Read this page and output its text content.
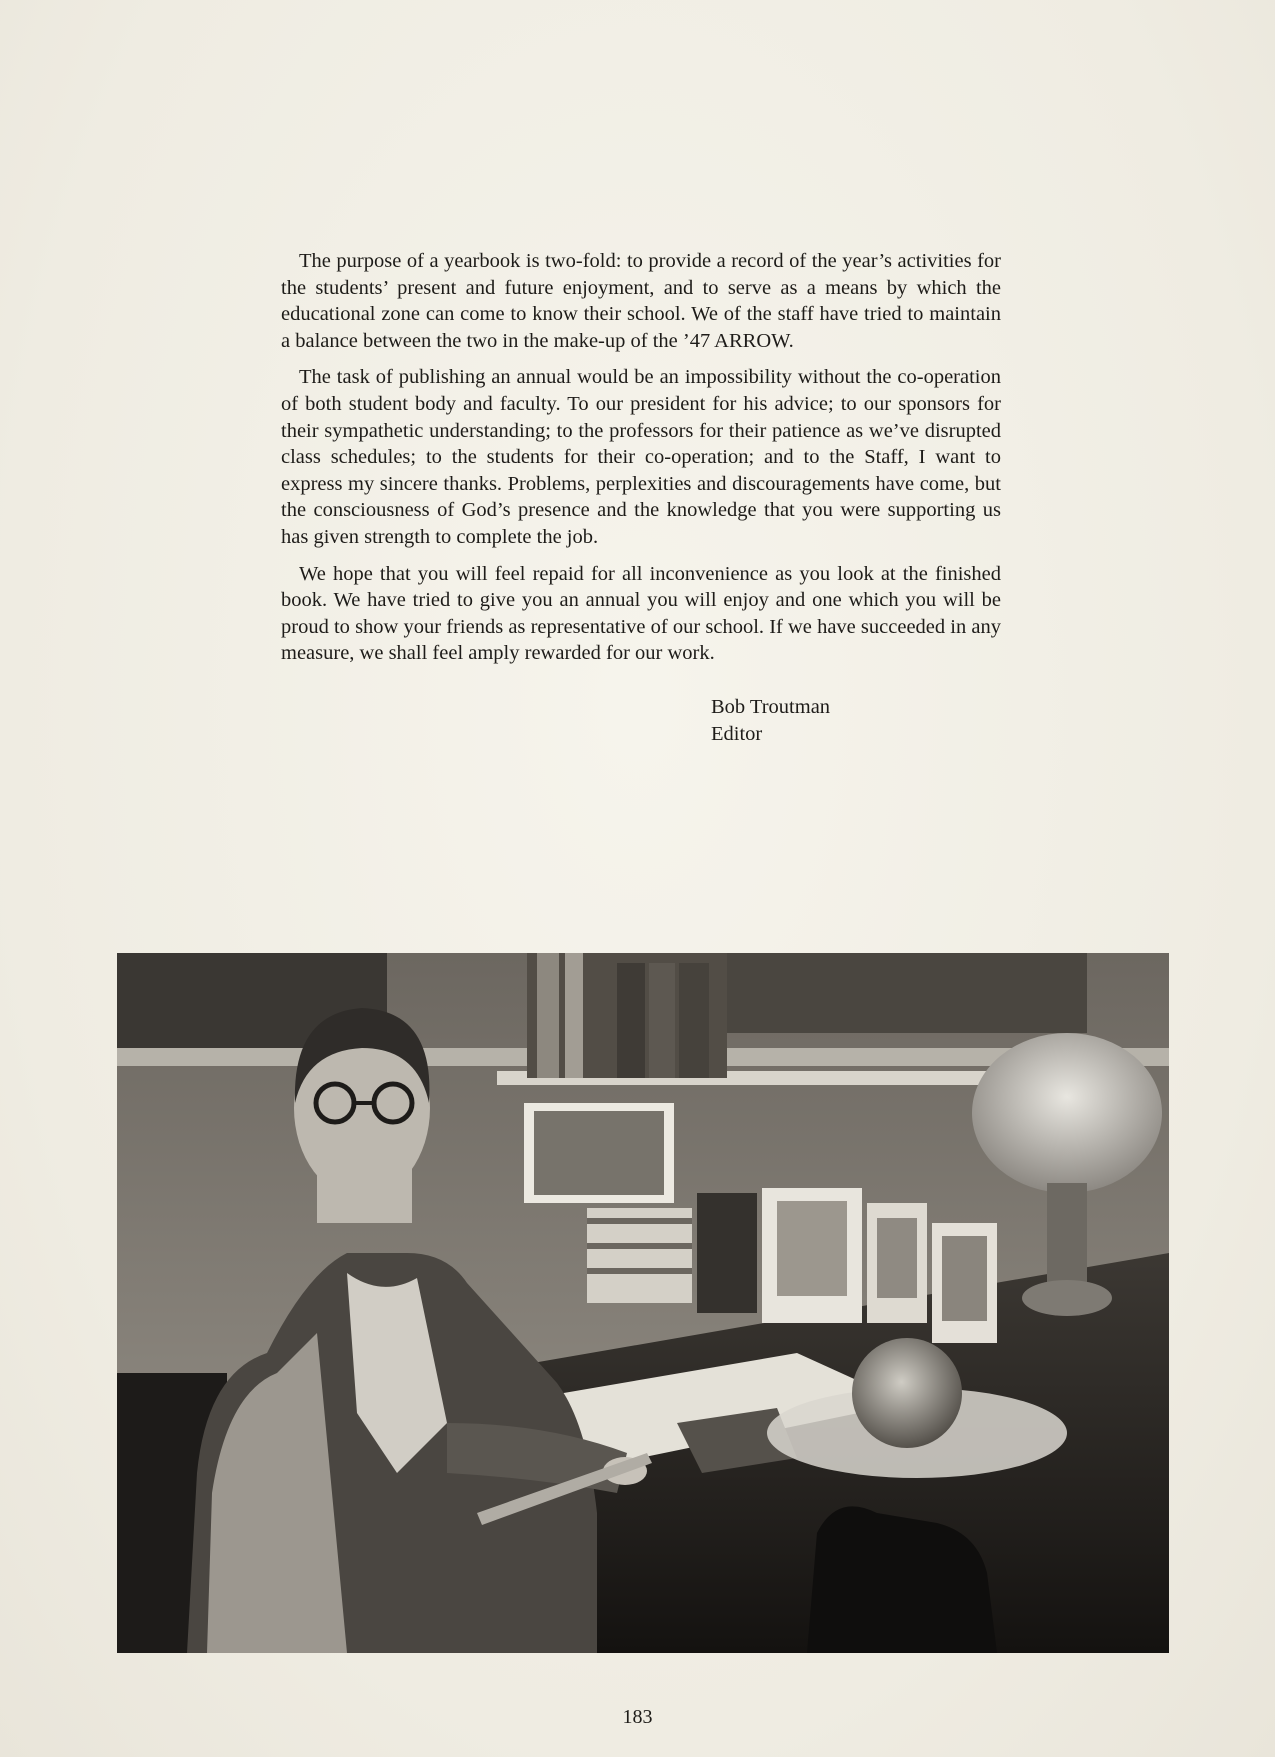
The purpose of a yearbook is two-fold: to provide a record of the year’s activities for the students’ present and future enjoyment, and to serve as a means by which the educational zone can come to know their school. We of the staff have tried to maintain a balance between the two in the make-up of the ’47 ARROW.

The task of publishing an annual would be an impossibility without the co-operation of both student body and faculty. To our president for his advice; to our sponsors for their sympathetic understanding; to the professors for their patience as we’ve disrupted class schedules; to the students for their co-operation; and to the Staff, I want to express my sincere thanks. Problems, perplexities and discouragements have come, but the consciousness of God’s presence and the knowledge that you were supporting us has given strength to complete the job.

We hope that you will feel repaid for all inconvenience as you look at the finished book. We have tried to give you an annual you will enjoy and one which you will be proud to show your friends as representative of our school. If we have succeeded in any measure, we shall feel amply rewarded for our work.

Bob Troutman
Editor
183
